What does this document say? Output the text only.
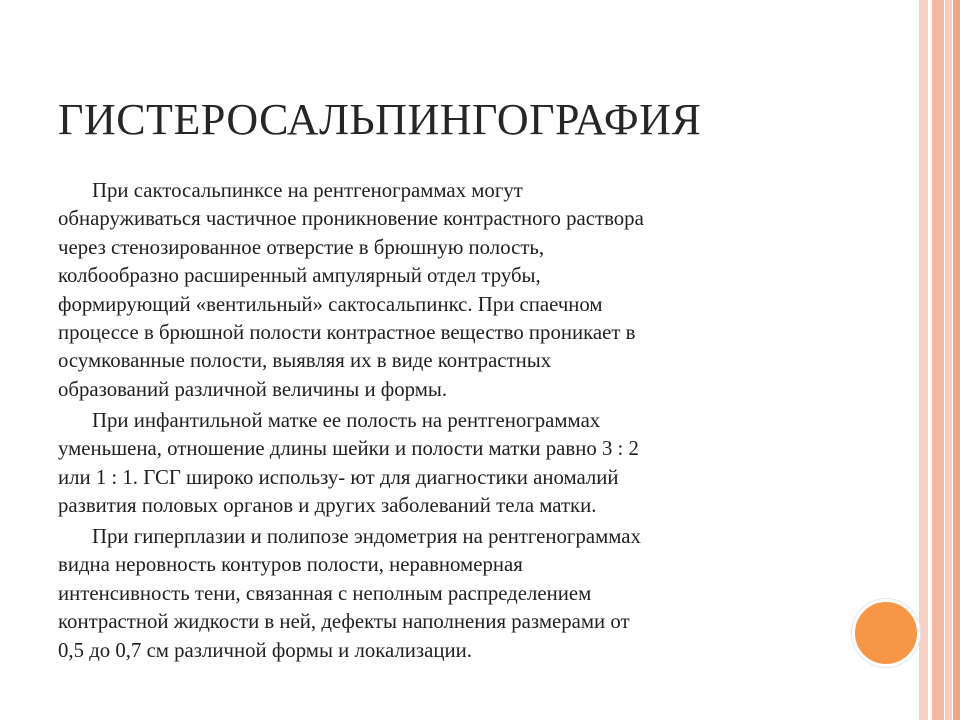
ГИСТЕРОСАЛЬПИНГОГРАФИЯ
При сактосальпинксе на рентгенограммах могут
обнаруживаться частичное проникновение контрастного раствора
через стенозированное отверстие в брюшную полость,
колбообразно расширенный ампулярный отдел трубы,
формирующий «вентильный» сактосальпинкс. При спаечном
процессе в брюшной полости контрастное вещество проникает в
осумкованные полости, выявляя их в виде контрастных
образований различной величины и формы.
При инфантильной матке ее полость на рентгенограммах
уменьшена, отношение длины шейки и полости матки равно 3 : 2
или 1 : 1. ГСГ широко использу- ют для диагностики аномалий
развития половых органов и других заболеваний тела матки.
При гиперплазии и полипозе эндометрия на рентгенограммах
видна неровность контуров полости, неравномерная
интенсивность тени, связанная с неполным распределением
контрастной жидкости в ней, дефекты наполнения размерами от
0,5 до 0,7 см различной формы и локализации.
